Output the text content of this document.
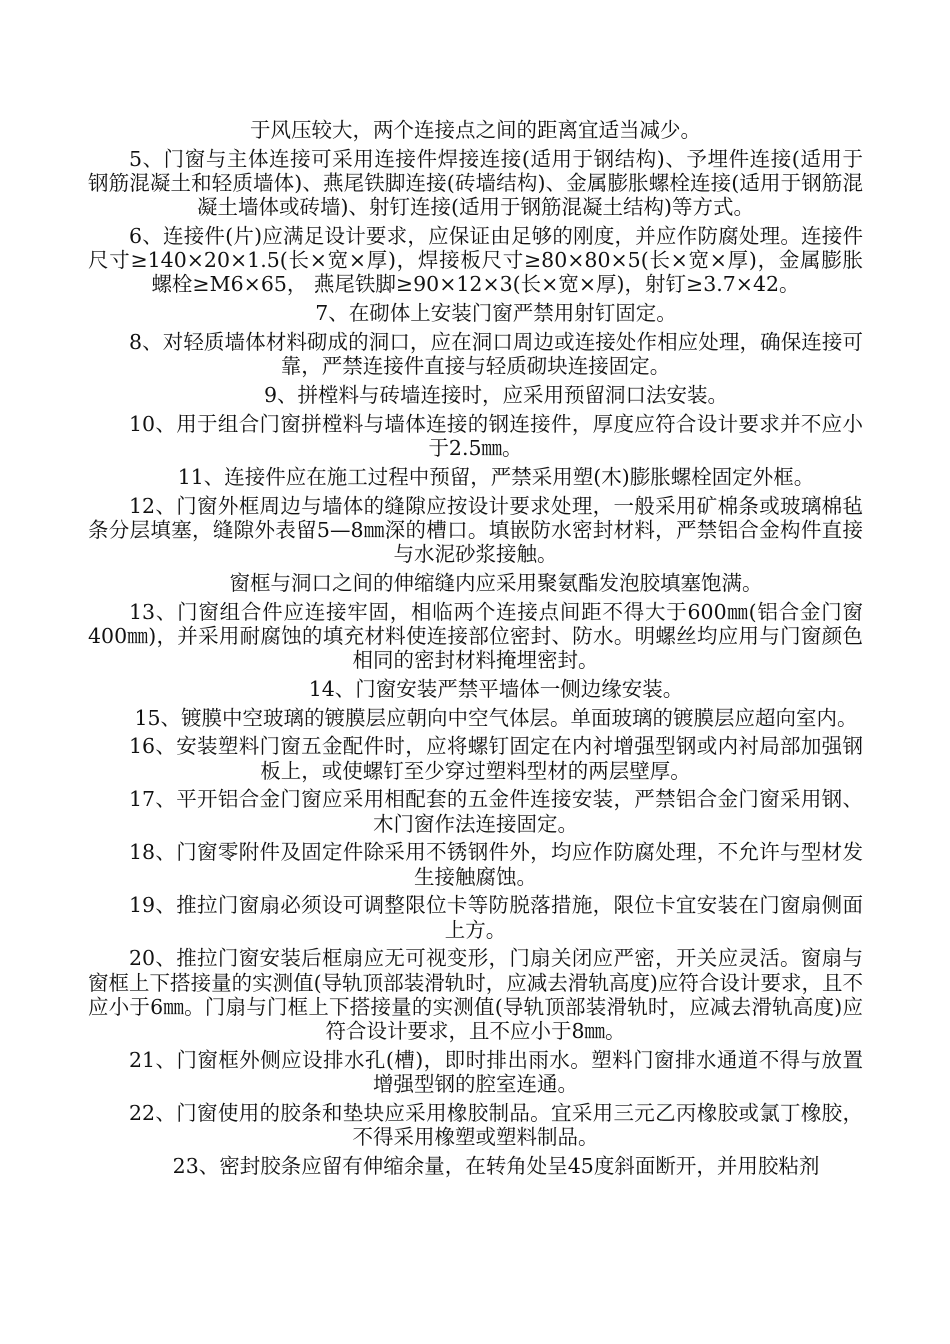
于风压较大，两个连接点之间的距离宜适当减少。

5、门窗与主体连接可采用连接件焊接连接(适用于钢结构)、予埋件连接(适用于钢筋混凝土和轻质墙体)、燕尾铁脚连接(砖墙结构)、金属膨胀螺栓连接(适用于钢筋混凝土墙体或砖墙)、射钉连接(适用于钢筋混凝土结构)等方式。

6、连接件(片)应满足设计要求，应保证由足够的刚度，并应作防腐处理。连接件尺寸≥140×20×1.5(长×宽×厚)，焊接板尺寸≥80×80×5(长×宽×厚)，金属膨胀螺栓≥M6×65， 燕尾铁脚≥90×12×3(长×宽×厚)，射钉≥3.7×42。

7、在砌体上安装门窗严禁用射钉固定。

8、对轻质墙体材料砌成的洞口，应在洞口周边或连接处作相应处理，确保连接可靠，严禁连接件直接与轻质砌块连接固定。

9、拼樘料与砖墙连接时，应采用预留洞口法安装。

10、用于组合门窗拼樘料与墙体连接的钢连接件，厚度应符合设计要求并不应小于2.5㎜。

11、连接件应在施工过程中预留，严禁采用塑(木)膨胀螺栓固定外框。

12、门窗外框周边与墙体的缝隙应按设计要求处理，一般采用矿棉条或玻璃棉毡条分层填塞，缝隙外表留5—8㎜深的槽口。填嵌防水密封材料，严禁铝合金构件直接与水泥砂浆接触。

窗框与洞口之间的伸缩缝内应采用聚氨酯发泡胶填塞饱满。

13、门窗组合件应连接牢固，相临两个连接点间距不得大于600㎜(铝合金门窗400㎜)，并采用耐腐蚀的填充材料使连接部位密封、防水。明螺丝均应用与门窗颜色相同的密封材料掩埋密封。

14、门窗安装严禁平墙体一侧边缘安装。

15、镀膜中空玻璃的镀膜层应朝向中空气体层。单面玻璃的镀膜层应超向室内。

16、安装塑料门窗五金配件时，应将螺钉固定在内衬增强型钢或内衬局部加强钢板上，或使螺钉至少穿过塑料型材的两层壁厚。

17、平开铝合金门窗应采用相配套的五金件连接安装，严禁铝合金门窗采用钢、木门窗作法连接固定。

18、门窗零附件及固定件除采用不锈钢件外，均应作防腐处理，不允许与型材发生接触腐蚀。

19、推拉门窗扇必须设可调整限位卡等防脱落措施，限位卡宜安装在门窗扇侧面上方。

20、推拉门窗安装后框扇应无可视变形，门扇关闭应严密，开关应灵活。窗扇与窗框上下搭接量的实测值(导轨顶部装滑轨时，应减去滑轨高度)应符合设计要求，且不应小于6㎜。门扇与门框上下搭接量的实测值(导轨顶部装滑轨时，应减去滑轨高度)应符合设计要求，且不应小于8㎜。

21、门窗框外侧应设排水孔(槽)，即时排出雨水。塑料门窗排水通道不得与放置增强型钢的腔室连通。

22、门窗使用的胶条和垫块应采用橡胶制品。宜采用三元乙丙橡胶或氯丁橡胶，不得采用橡塑或塑料制品。

23、密封胶条应留有伸缩余量，在转角处呈45度斜面断开，并用胶粘剂
